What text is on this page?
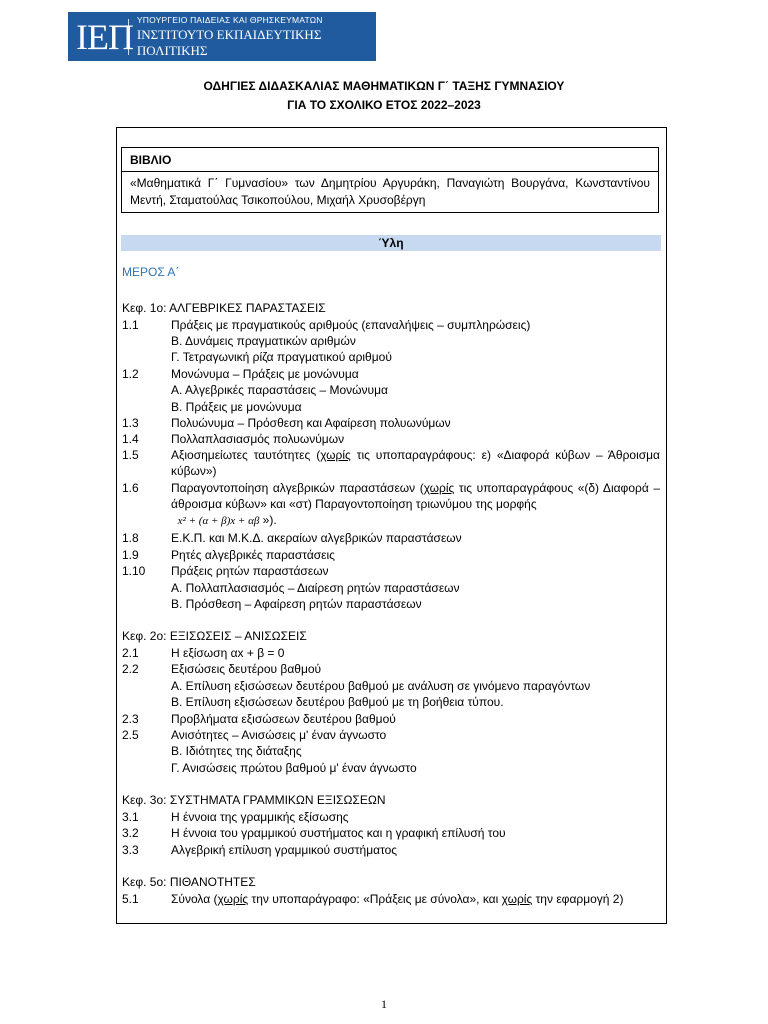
ΙΕΠ ΥΠΟΥΡΓΕΙΟ ΠΑΙΔΕΙΑΣ ΚΑΙ ΘΡΗΣΚΕΥΜΑΤΩΝ
ΙΝΣΤΙΤΟΥΤΟ ΕΚΠΑΙΔΕΥΤΙΚΗΣ ΠΟΛΙΤΙΚΗΣ
ΟΔΗΓΙΕΣ ΔΙΔΑΣΚΑΛΙΑΣ ΜΑΘΗΜΑΤΙΚΩΝ Γ΄ ΤΑΞΗΣ ΓΥΜΝΑΣΙΟΥ
ΓΙΑ ΤΟ ΣΧΟΛΙΚΟ ΕΤΟΣ 2022–2023
ΒΙΒΛΙΟ
«Μαθηματικά Γ΄ Γυμνασίου» των Δημητρίου Αργυράκη, Παναγιώτη Βουργάνα, Κωνσταντίνου Μεντή, Σταματούλας Τσικοπούλου, Μιχαήλ Χρυσοβέργη
Ύλη
ΜΕΡΟΣ Α΄
Κεφ. 1ο: ΑΛΓΕΒΡΙΚΕΣ ΠΑΡΑΣΤΑΣΕΙΣ
1.1	Πράξεις με πραγματικούς αριθμούς (επαναλήψεις – συμπληρώσεις)
Β. Δυνάμεις πραγματικών αριθμών
Γ. Τετραγωνική ρίζα πραγματικού αριθμού
1.2	Μονώνυμα – Πράξεις με μονώνυμα
Α. Αλγεβρικές παραστάσεις – Μονώνυμα
Β. Πράξεις με μονώνυμα
1.3	Πολυώνυμα – Πρόσθεση και Αφαίρεση πολυωνύμων
1.4	Πολλαπλασιασμός πολυωνύμων
1.5	Αξιοσημείωτες ταυτότητες (χωρίς τις υποπαραγράφους: ε) «Διαφορά κύβων – Άθροισμα κύβων»)
1.6	Παραγοντοποίηση αλγεβρικών παραστάσεων (χωρίς τις υποπαραγράφους «(δ) Διαφορά – άθροισμα κύβων» και «στ) Παραγοντοποίηση τριωνύμου της μορφής
x² + (α + β)x + αβ »).
1.8	Ε.Κ.Π. και Μ.Κ.Δ. ακεραίων αλγεβρικών παραστάσεων
1.9	Ρητές αλγεβρικές παραστάσεις
1.10 Πράξεις ρητών παραστάσεων
Α. Πολλαπλασιασμός – Διαίρεση ρητών παραστάσεων
Β. Πρόσθεση – Αφαίρεση ρητών παραστάσεων
Κεφ. 2ο: ΕΞΙΣΩΣΕΙΣ – ΑΝΙΣΩΣΕΙΣ
2.1	Η εξίσωση αx + β = 0
2.2	Εξισώσεις δευτέρου βαθμού
Α. Επίλυση εξισώσεων δευτέρου βαθμού με ανάλυση σε γινόμενο παραγόντων
Β. Επίλυση εξισώσεων δευτέρου βαθμού με τη βοήθεια τύπου.
2.3	Προβλήματα εξισώσεων δευτέρου βαθμού
2.5	Ανισότητες – Ανισώσεις μ' έναν άγνωστο
Β. Ιδιότητες της διάταξης
Γ. Ανισώσεις πρώτου βαθμού μ' έναν άγνωστο
Κεφ. 3ο: ΣΥΣΤΗΜΑΤΑ ΓΡΑΜΜΙΚΩΝ ΕΞΙΣΩΣΕΩΝ
3.1	Η έννοια της γραμμικής εξίσωσης
3.2	Η έννοια του γραμμικού συστήματος και η γραφική επίλυσή του
3.3	Αλγεβρική επίλυση γραμμικού συστήματος
Κεφ. 5ο: ΠΙΘΑΝΟΤΗΤΕΣ
5.1	Σύνολα (χωρίς την υποπαράγραφο: «Πράξεις με σύνολα», και χωρίς την εφαρμογή 2)
1
